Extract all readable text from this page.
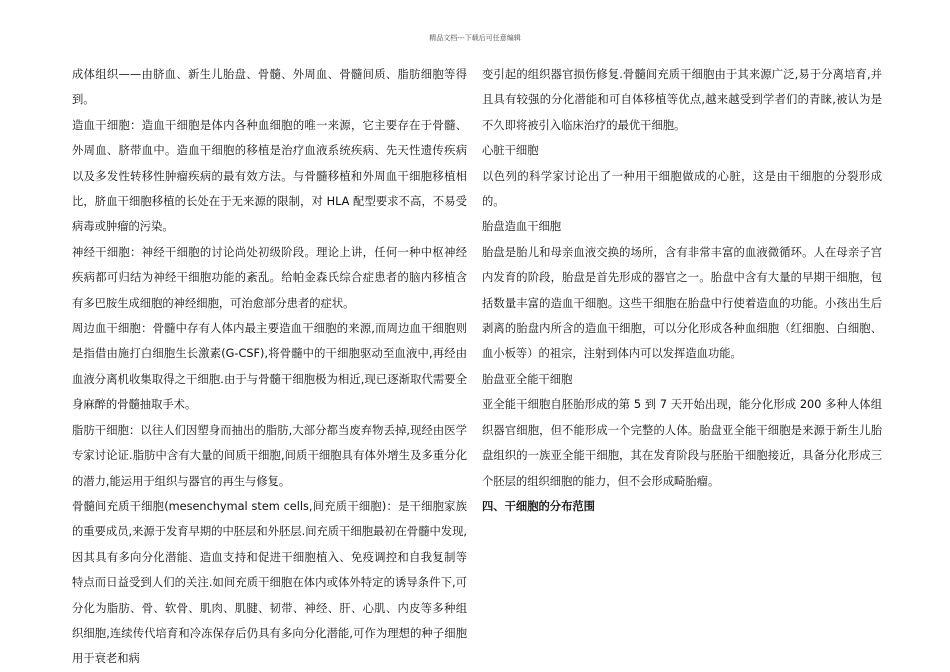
精品文档---下载后可任意编辑

成体组织——由脐血、新生儿胎盘、骨髓、外周血、骨髓间质、脂肪细胞等得到。

造血干细胞：造血干细胞是体内各种血细胞的唯一来源，它主要存在于骨髓、外周血、脐带血中。造血干细胞的移植是治疗血液系统疾病、先天性遗传疾病以及多发性转移性肿瘤疾病的最有效方法。与骨髓移植和外周血干细胞移植相比，脐血干细胞移植的长处在于无来源的限制，对 HLA 配型要求不高，不易受病毒或肿瘤的污染。

神经干细胞：神经干细胞的讨论尚处初级阶段。理论上讲，任何一种中枢神经疾病都可归结为神经干细胞功能的紊乱。给帕金森氏综合症患者的脑内移植含有多巴胺生成细胞的神经细胞，可治愈部分患者的症状。

周边血干细胞：骨髓中存有人体内最主要造血干细胞的来源,而周边血干细胞则是指借由施打白细胞生长激素(G-CSF),将骨髓中的干细胞驱动至血液中,再经由血液分离机收集取得之干细胞.由于与骨髓干细胞极为相近,现已逐渐取代需要全身麻醉的骨髓抽取手术。

脂肪干细胞：以往人们因塑身而抽出的脂肪,大部分都当废弃物丢掉,现经由医学专家讨论证.脂肪中含有大量的间质干细胞,间质干细胞具有体外增生及多重分化的潜力,能运用于组织与器官的再生与修复。

骨髓间充质干细胞(mesenchymal stem cells,间充质干细胞)：是干细胞家族的重要成员,来源于发育早期的中胚层和外胚层.间充质干细胞最初在骨髓中发现,因其具有多向分化潜能、造血支持和促进干细胞植入、免疫调控和自我复制等特点而日益受到人们的关注.如间充质干细胞在体内或体外特定的诱导条件下,可分化为脂肪、骨、软骨、肌肉、肌腱、韧带、神经、肝、心肌、内皮等多种组织细胞,连续传代培育和冷冻保存后仍具有多向分化潜能,可作为理想的种子细胞用于衰老和病

变引起的组织器官损伤修复.骨髓间充质干细胞由于其来源广泛,易于分离培育,并且具有较强的分化潜能和可自体移植等优点,越来越受到学者们的青睐,被认为是不久即将被引入临床治疗的最优干细胞。

心脏干细胞

以色列的科学家讨论出了一种用干细胞做成的心脏，这是由干细胞的分裂形成的。

胎盘造血干细胞

胎盘是胎儿和母亲血液交换的场所，含有非常丰富的血液微循环。人在母亲子宫内发育的阶段，胎盘是首先形成的器官之一。胎盘中含有大量的早期干细胞，包括数量丰富的造血干细胞。这些干细胞在胎盘中行使着造血的功能。小孩出生后剥离的胎盘内所含的造血干细胞，可以分化形成各种血细胞（红细胞、白细胞、血小板等）的祖宗，注射到体内可以发挥造血功能。

胎盘亚全能干细胞

亚全能干细胞自胚胎形成的第 5 到 7 天开始出现，能分化形成 200 多种人体组织器官细胞，但不能形成一个完整的人体。胎盘亚全能干细胞是来源于新生儿胎盘组织的一族亚全能干细胞，其在发育阶段与胚胎干细胞接近，具备分化形成三个胚层的组织细胞的能力，但不会形成畸胎瘤。

四、干细胞的分布范围
